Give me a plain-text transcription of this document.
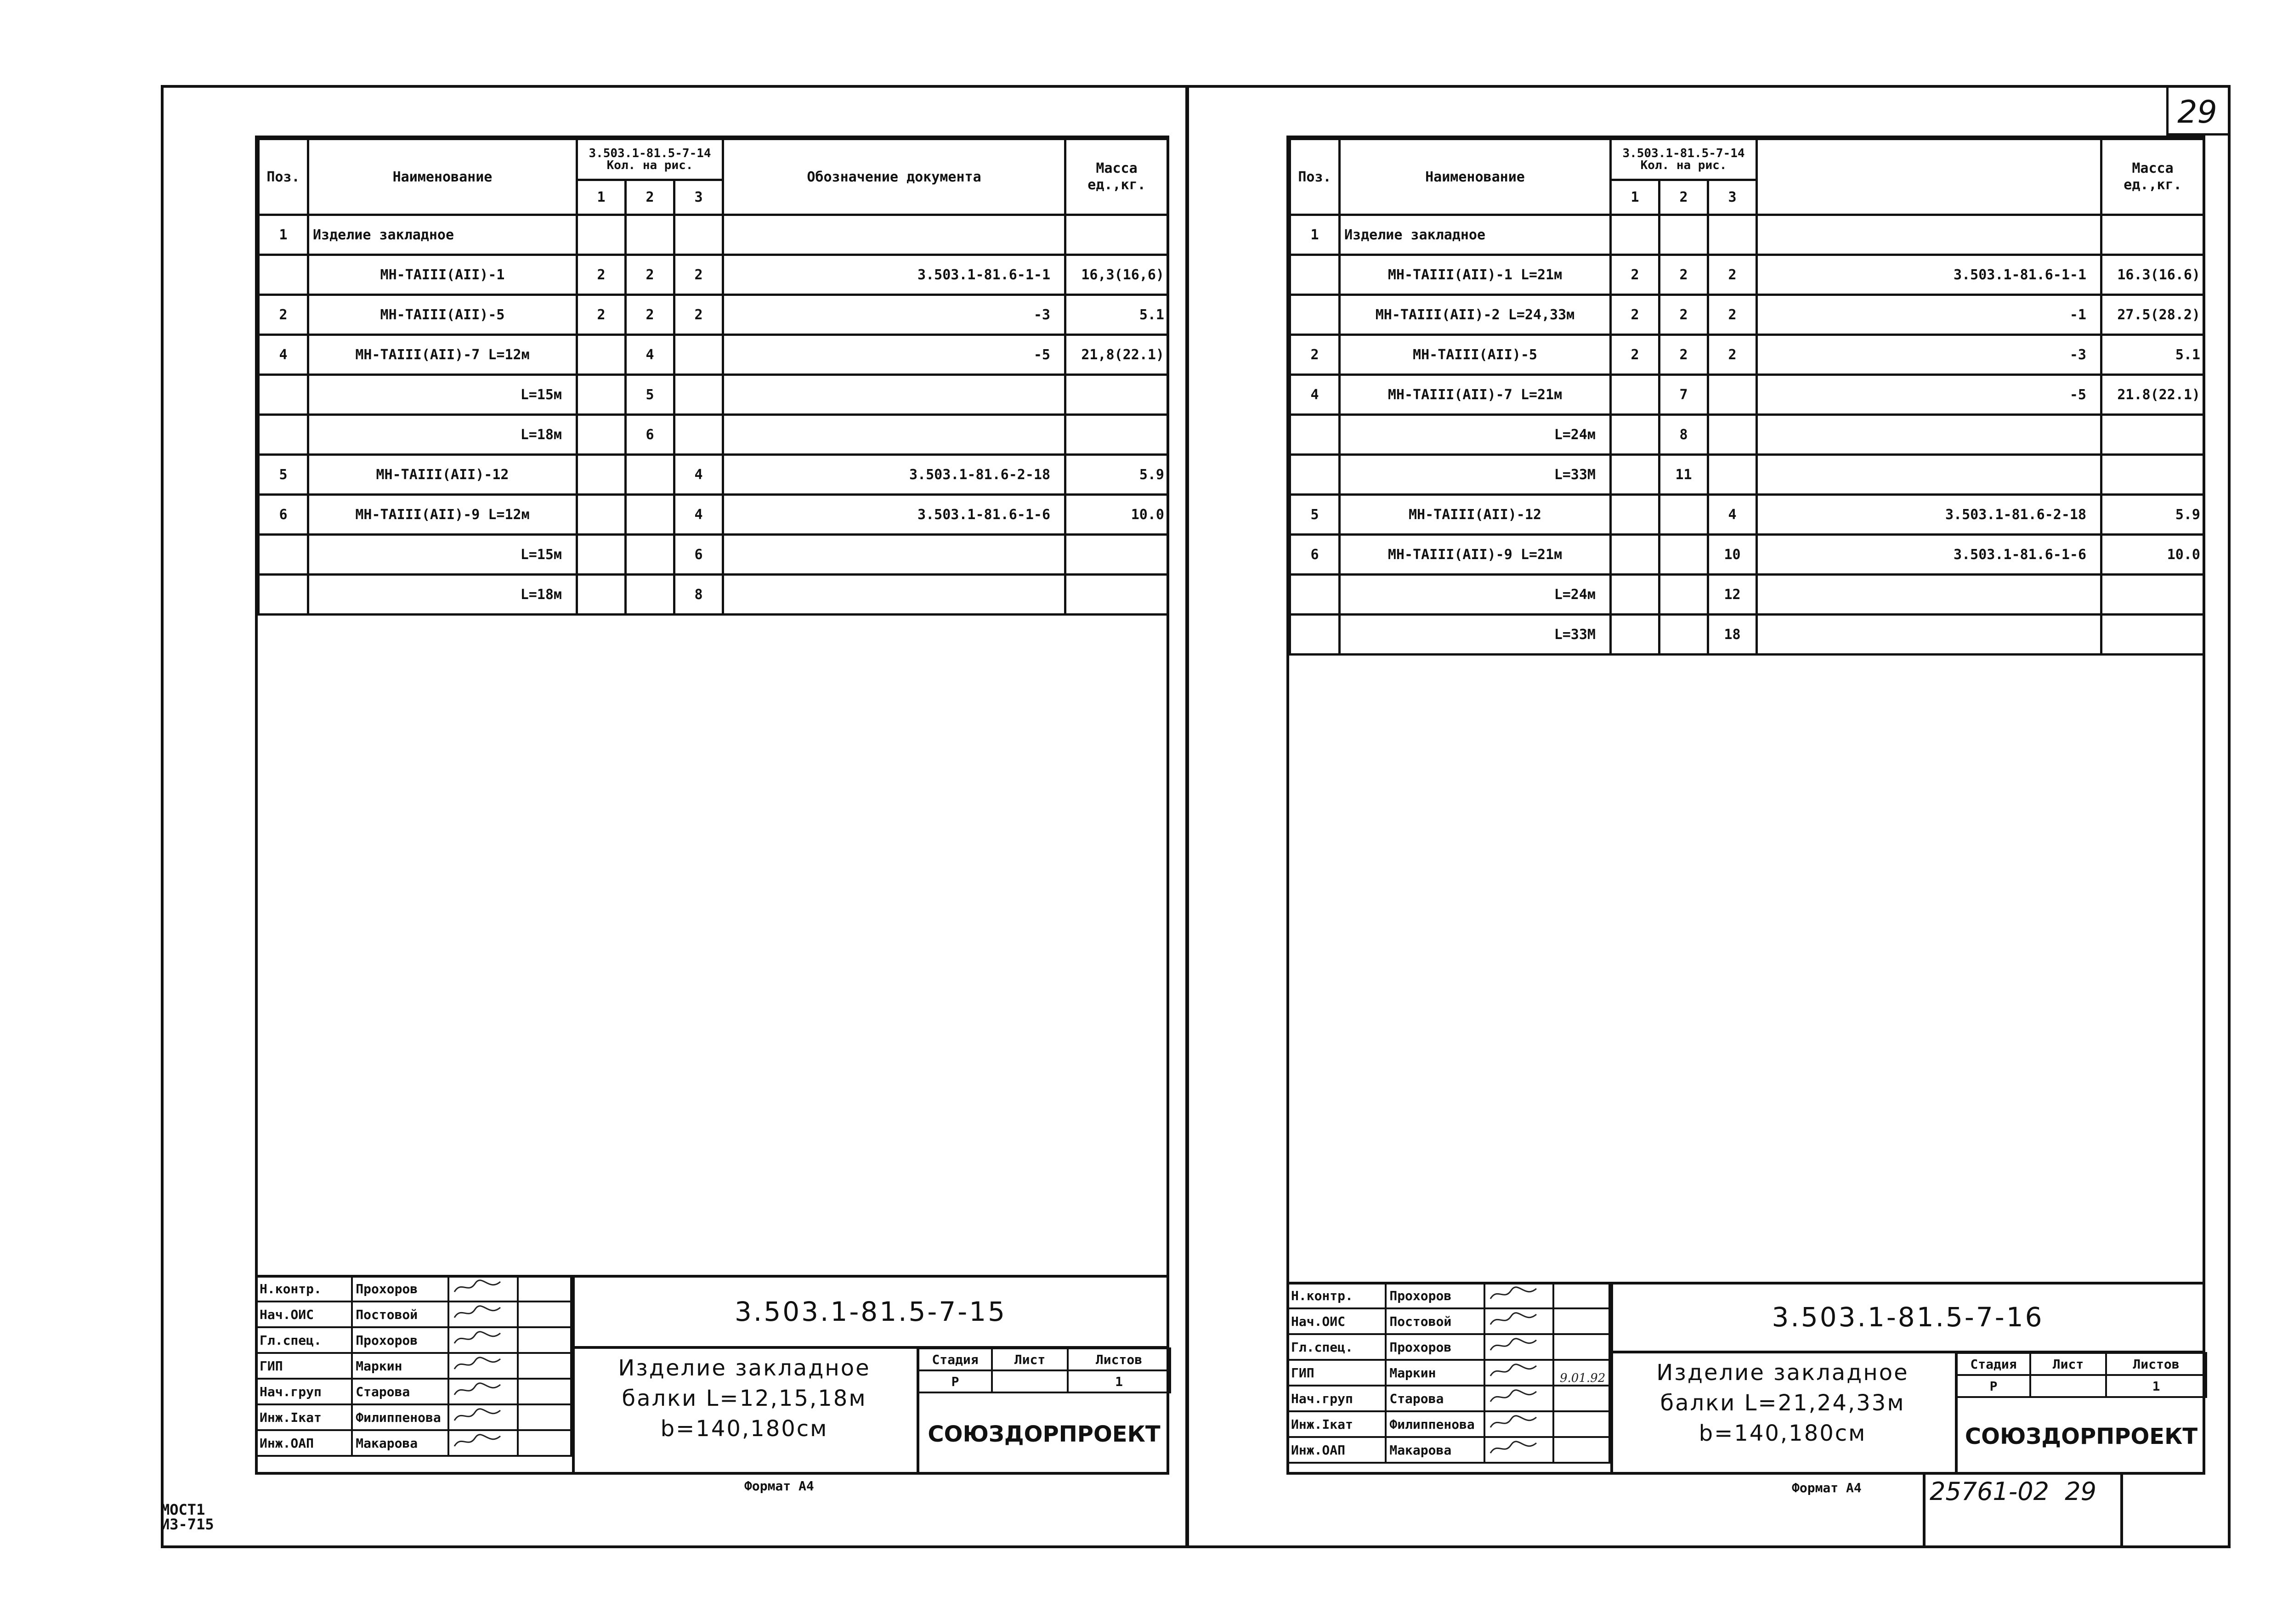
29
МОСТ1
И3-715
Поз.	Наименование	3.503.1-81.5-7-14
Кол. на рис.			Обозначение документа	Масса ед.,кг.
		1	2	3		
1	Изделие закладное					
	МН-ТАIII(АII)-1	2	2	2	3.503.1-81.6-1-1	16,3(16,6)
2	МН-ТАIII(АII)-5	2	2	2	-3	5.1
4	МН-ТАIII(АII)-7 L=12м		4		-5	21,8(22.1)
	L=15м		5			
	L=18м		6			
5	МН-ТАIII(АII)-12			4	3.503.1-81.6-2-18	5.9
6	МН-ТАIII(АII)-9 L=12м			4	3.503.1-81.6-1-6	10.0
	L=15м			6		
	L=18м			8		
Н.контр.	Прохоров		
Нач.ОИС	Постовой		
Гл.спец.	Прохоров		
ГИП	Маркин		
Нач.груп	Старова		
Инж.Iкат	Филиппенова		
Инж.ОАП	Макарова		
3.503.1-81.5-7-15
Изделие закладное
балки L=12,15,18м
b=140,180см
Стадия	Лист	Листов
Р		1
СОЮЗДОРПРОЕКТ
Формат А4
Поз.	Наименование	3.503.1-81.5-7-14
Кол. на рис.				Масса ед.,кг.
		1	2	3		
1	Изделие закладное					
	МН-ТАIII(АII)-1 L=21м	2	2	2	3.503.1-81.6-1-1	16.3(16.6)
	МН-ТАIII(АII)-2 L=24,33м	2	2	2	-1	27.5(28.2)
2	МН-ТАIII(АII)-5	2	2	2	-3	5.1
4	МН-ТАIII(АII)-7 L=21м		7		-5	21.8(22.1)
	L=24м		8			
	L=33М		11			
5	МН-ТАIII(АII)-12			4	3.503.1-81.6-2-18	5.9
6	МН-ТАIII(АII)-9 L=21м			10	3.503.1-81.6-1-6	10.0
	L=24м			12		
	L=33М			18		
Н.контр.	Прохоров		
Нач.ОИС	Постовой		
Гл.спец.	Прохоров		
ГИП	Маркин		
Нач.груп	Старова		
Инж.Iкат	Филиппенова		
Инж.ОАП	Макарова		
9.01.92
3.503.1-81.5-7-16
Изделие закладное
балки L=21,24,33м
b=140,180см
Стадия	Лист	Листов
Р		1
СОЮЗДОРПРОЕКТ
Формат А4	25761-02  29
